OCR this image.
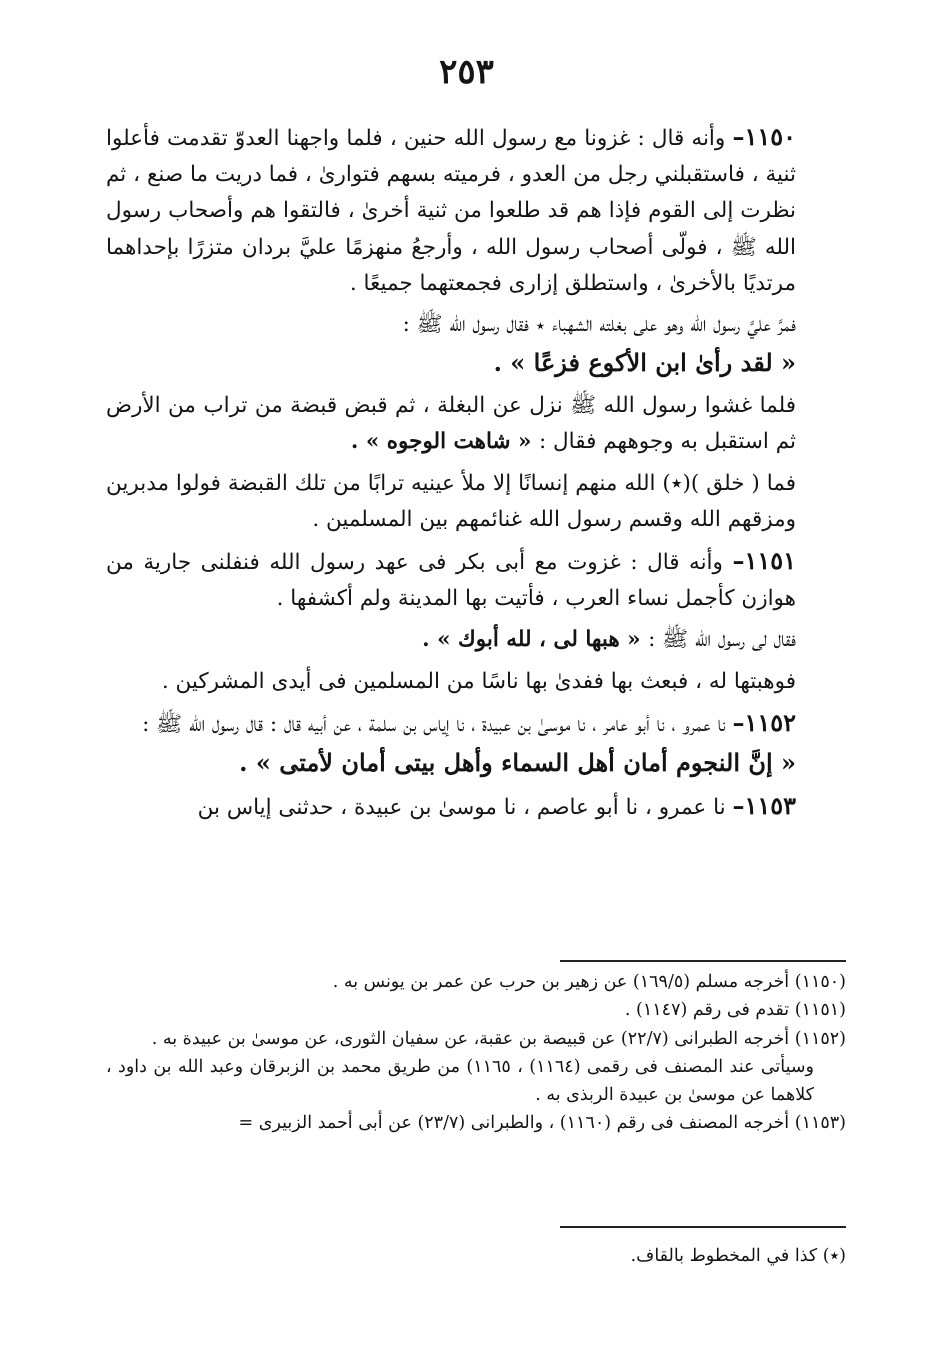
٢٥٣
١١٥٠– وأنه قال : غزونا مع رسول الله حنين ، فلما واجهنا العدوّ تقدمت فأعلوا ثنية ، فاستقبلني رجل من العدو ، فرميته بسهم فتوارىٰ ، فما دريت ما صنع ، ثم نظرت إلى القوم فإذا هم قد طلعوا من ثنية أخرىٰ ، فالتقوا هم وأصحاب رسول الله ﷺ ، فولّى أصحاب رسول الله ، وأرجعُ منهزمًا عليَّ بردان متزرًا بإحداهما مرتديًا بالأخرىٰ ، واستطلق إزارى فجمعتهما جميعًا .
فمرَّ عليَّ رسول الله وهو على بغلته الشهباء ٭ فقال رسول الله ﷺ :
« لقد رأىٰ ابن الأكوع فزعًا » .
فلما غشوا رسول الله ﷺ نزل عن البغلة ، ثم قبض قبضة من تراب من الأرض ثم استقبل به وجوههم فقال : « شاهت الوجوه » .
فما ( خلق )(٭) الله منهم إنسانًا إلا ملأ عينيه ترابًا من تلك القبضة فولوا مدبرين ومزقهم الله وقسم رسول الله غنائمهم بين المسلمين .
١١٥١– وأنه قال : غزوت مع أبى بكر فى عهد رسول الله فنفلنى جارية من هوازن كأجمل نساء العرب ، فأتيت بها المدينة ولم أكشفها .
فقال لى رسول الله ﷺ : « هبها لى ، لله أبوك » .
فوهبتها له ، فبعث بها ففدىٰ بها ناسًا من المسلمين فى أيدى المشركين .
١١٥٢– نا عمرو ، نا أبو عامر ، نا موسىٰ بن عبيدة ، نا إياس بن سلمة ، عن أبيه قال : قال رسول الله ﷺ :
« إنَّ النجوم أمان أهل السماء وأهل بيتى أمان لأمتى » .
١١٥٣– نا عمرو ، نا أبو عاصم ، نا موسىٰ بن عبيدة ، حدثنى إياس بن
(١١٥٠) أخرجه مسلم (١٦٩/٥) عن زهير بن حرب عن عمر بن يونس به .
(١١٥١) تقدم فى رقم (١١٤٧) .
(١١٥٢) أخرجه الطبرانى (٢٢/٧) عن قبيصة بن عقبة، عن سفيان الثورى، عن موسىٰ بن عبيدة به .
وسيأتى عند المصنف فى رقمى (١١٦٤) ، ١١٦٥) من طريق محمد بن الزبرقان وعبد الله بن داود ، كلاهما عن موسىٰ بن عبيدة الربذى به .
(١١٥٣) أخرجه المصنف فى رقم (١١٦٠) ، والطبرانى (٢٣/٧) عن أبى أحمد الزبيرى =
(٭) كذا في المخطوط بالقاف.
